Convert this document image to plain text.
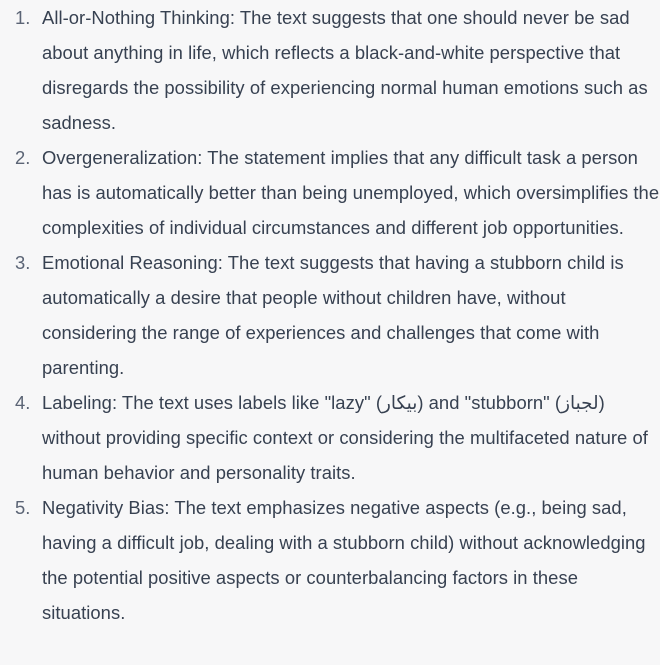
1. All-or-Nothing Thinking: The text suggests that one should never be sad about anything in life, which reflects a black-and-white perspective that disregards the possibility of experiencing normal human emotions such as sadness.
2. Overgeneralization: The statement implies that any difficult task a person has is automatically better than being unemployed, which oversimplifies the complexities of individual circumstances and different job opportunities.
3. Emotional Reasoning: The text suggests that having a stubborn child is automatically a desire that people without children have, without considering the range of experiences and challenges that come with parenting.
4. Labeling: The text uses labels like "lazy" (بيكار) and "stubborn" (لجباز) without providing specific context or considering the multifaceted nature of human behavior and personality traits.
5. Negativity Bias: The text emphasizes negative aspects (e.g., being sad, having a difficult job, dealing with a stubborn child) without acknowledging the potential positive aspects or counterbalancing factors in these situations.
